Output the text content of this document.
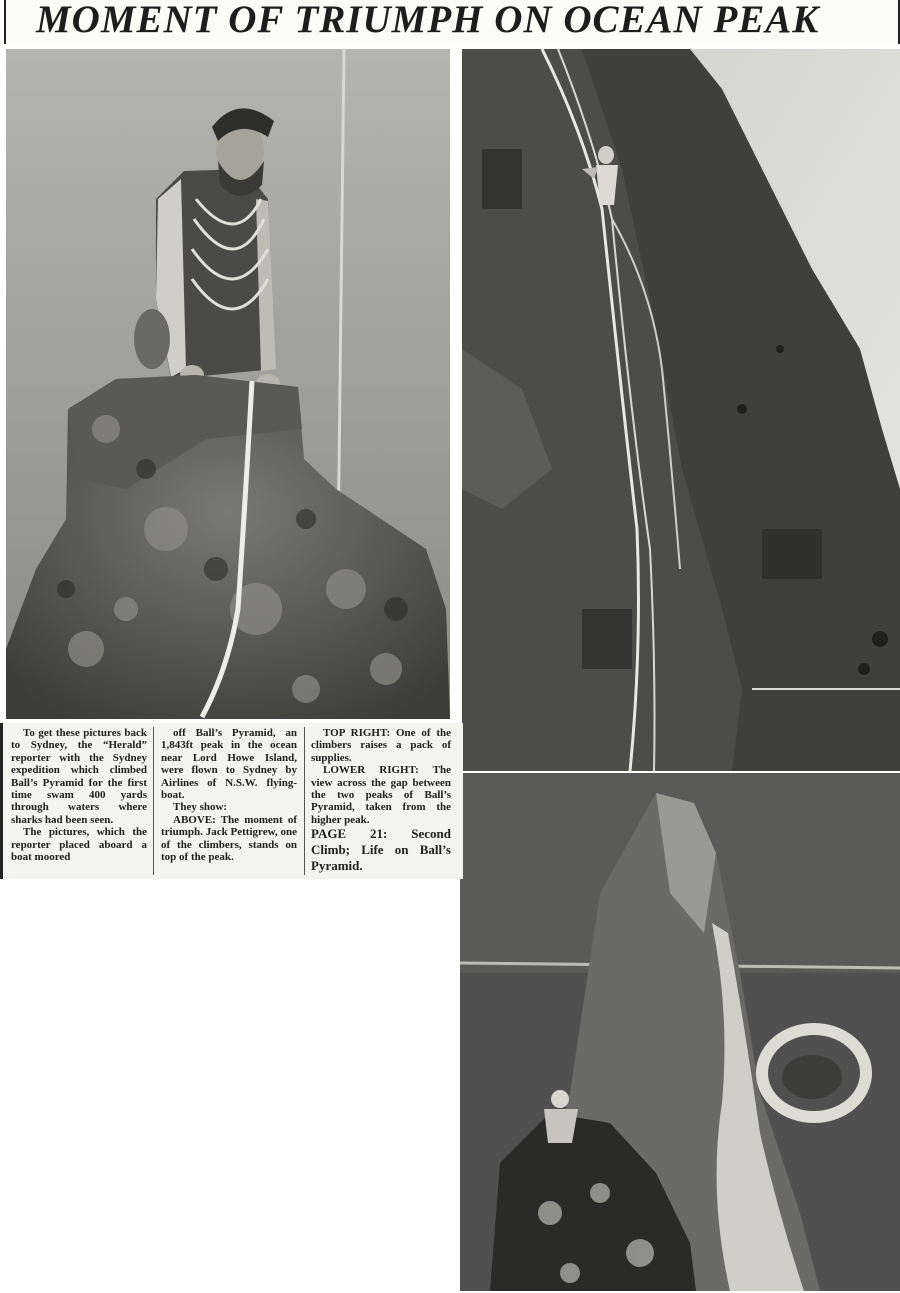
MOMENT OF TRIUMPH ON OCEAN PEAK

To get these pictures back to Sydney, the “Herald” reporter with the Sydney expedition which climbed Ball’s Pyramid for the first time swam 400 yards through waters where sharks had been seen.

The pictures, which the reporter placed aboard a boat moored

off Ball’s Pyramid, an 1,843ft peak in the ocean near Lord Howe Island, were flown to Sydney by Airlines of N.S.W. flying-boat.

They show:

ABOVE: The moment of triumph. Jack Pettigrew, one of the climbers, stands on top of the peak.

TOP RIGHT: One of the climbers raises a pack of supplies.

LOWER RIGHT: The view across the gap between the two peaks of Ball’s Pyramid, taken from the higher peak.

PAGE 21: Second Climb; Life on Ball’s Pyramid.
